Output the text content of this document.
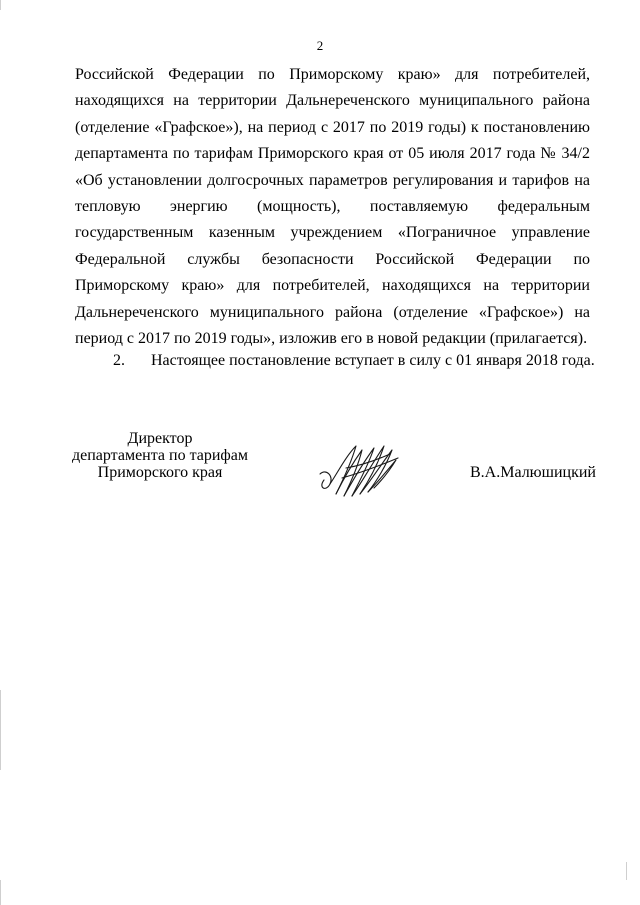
2

Российской Федерации по Приморскому краю» для потребителей, находящихся на территории Дальнереченского муниципального района (отделение «Графское»), на период с 2017 по 2019 годы) к постановлению департамента по тарифам Приморского края от 05 июля 2017 года № 34/2 «Об установлении долгосрочных параметров регулирования и тарифов на тепловую энергию (мощность), поставляемую федеральным государственным казенным учреждением «Пограничное управление Федеральной службы безопасности Российской Федерации по Приморскому краю» для потребителей, находящихся на территории Дальнереченского муниципального района (отделение «Графское») на период с 2017 по 2019 годы», изложив его в новой редакции (прилагается).

2. Настоящее постановление вступает в силу с 01 января 2018 года.
Директор
департамента по тарифам
Приморского края	В.А.Малюшицкий
